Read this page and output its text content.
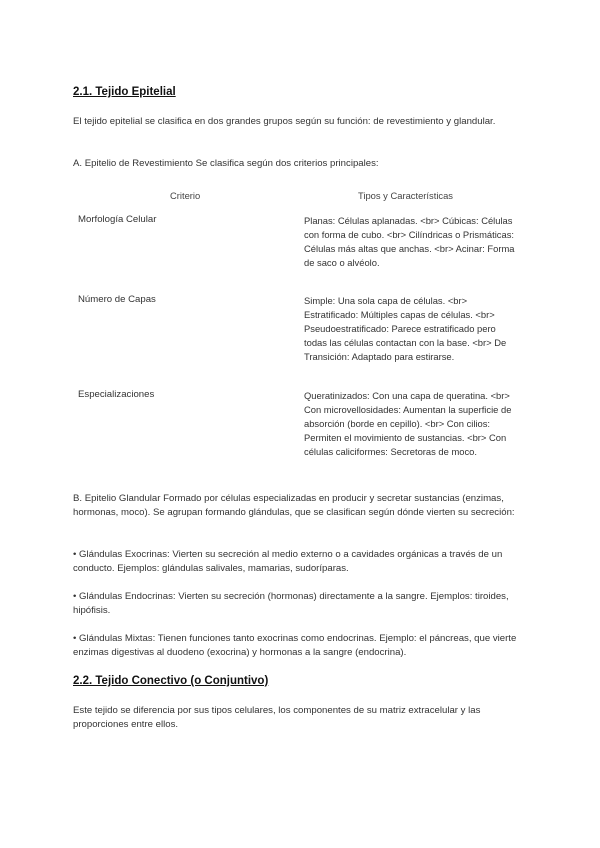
2.1. Tejido Epitelial

El tejido epitelial se clasifica en dos grandes grupos según su función: de revestimiento y glandular.

A. Epitelio de Revestimiento Se clasifica según dos criterios principales:

Criterio	Tipos y Características
Morfología Celular	Planas: Células aplanadas. <br> Cúbicas: Células con forma de cubo. <br> Cilíndricas o Prismáticas: Células más altas que anchas. <br> Acinar: Forma de saco o alvéolo.
Número de Capas	Simple: Una sola capa de células. <br> Estratificado: Múltiples capas de células. <br> Pseudoestratificado: Parece estratificado pero todas las células contactan con la base. <br> De Transición: Adaptado para estirarse.
Especializaciones	Queratinizados: Con una capa de queratina. <br> Con microvellosidades: Aumentan la superficie de absorción (borde en cepillo). <br> Con cilios: Permiten el movimiento de sustancias. <br> Con células caliciformes: Secretoras de moco.

B. Epitelio Glandular Formado por células especializadas en producir y secretar sustancias (enzimas, hormonas, moco). Se agrupan formando glándulas, que se clasifican según dónde vierten su secreción:

• Glándulas Exocrinas: Vierten su secreción al medio externo o a cavidades orgánicas a través de un conducto. Ejemplos: glándulas salivales, mamarias, sudoríparas.

• Glándulas Endocrinas: Vierten su secreción (hormonas) directamente a la sangre. Ejemplos: tiroides, hipófisis.

• Glándulas Mixtas: Tienen funciones tanto exocrinas como endocrinas. Ejemplo: el páncreas, que vierte enzimas digestivas al duodeno (exocrina) y hormonas a la sangre (endocrina).

2.2. Tejido Conectivo (o Conjuntivo)

Este tejido se diferencia por sus tipos celulares, los componentes de su matriz extracelular y las proporciones entre ellos.
